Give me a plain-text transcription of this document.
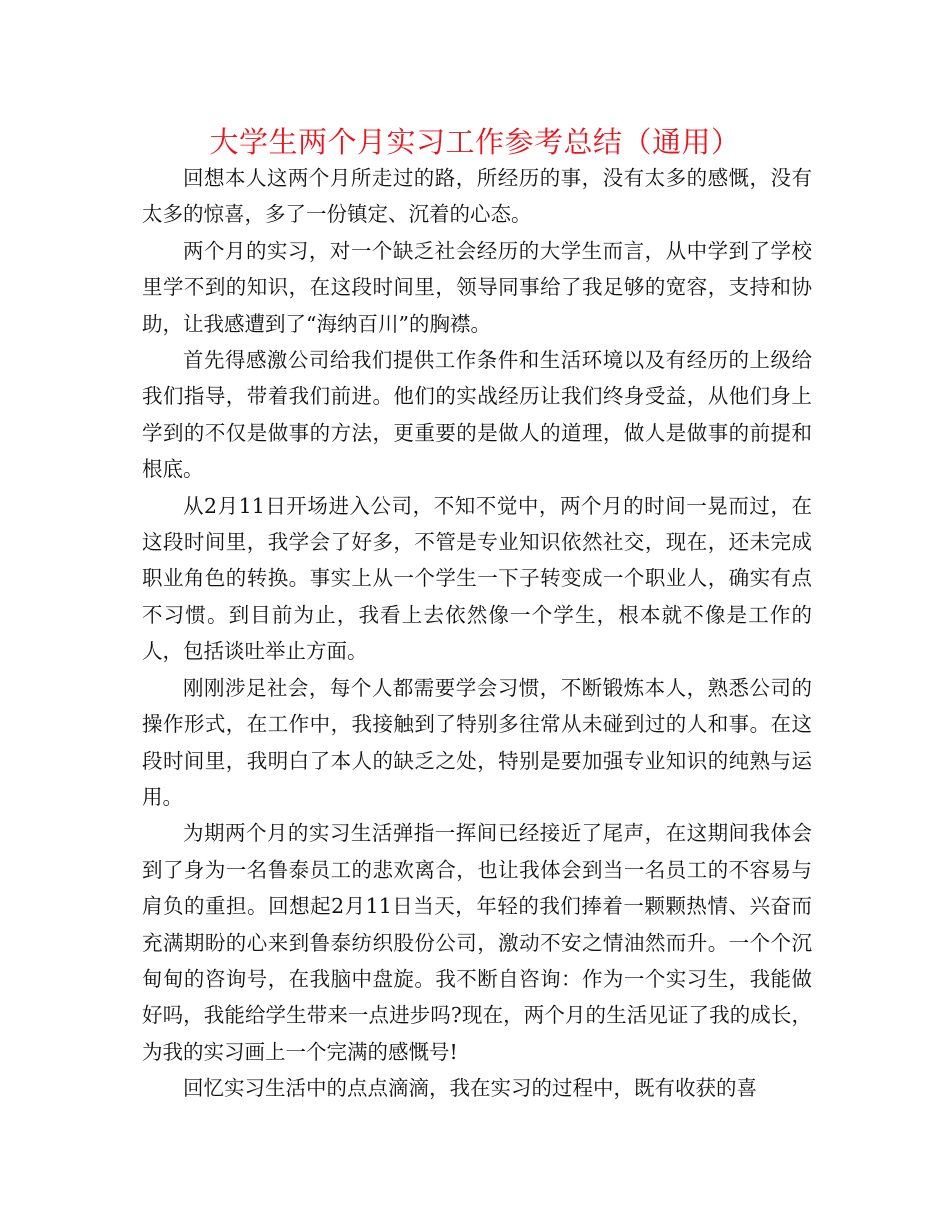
大学生两个月实习工作参考总结（通用）

回想本人这两个月所走过的路，所经历的事，没有太多的感慨，没有太多的惊喜，多了一份镇定、沉着的心态。

两个月的实习，对一个缺乏社会经历的大学生而言，从中学到了学校里学不到的知识，在这段时间里，领导同事给了我足够的宽容，支持和协助，让我感遭到了“海纳百川”的胸襟。

首先得感激公司给我们提供工作条件和生活环境以及有经历的上级给我们指导，带着我们前进。他们的实战经历让我们终身受益，从他们身上学到的不仅是做事的方法，更重要的是做人的道理，做人是做事的前提和根底。

从2月11日开场进入公司，不知不觉中，两个月的时间一晃而过，在这段时间里，我学会了好多，不管是专业知识依然社交，现在，还未完成职业角色的转换。事实上从一个学生一下子转变成一个职业人，确实有点不习惯。到目前为止，我看上去依然像一个学生，根本就不像是工作的人，包括谈吐举止方面。

刚刚涉足社会，每个人都需要学会习惯，不断锻炼本人，熟悉公司的操作形式，在工作中，我接触到了特别多往常从未碰到过的人和事。在这段时间里，我明白了本人的缺乏之处，特别是要加强专业知识的纯熟与运用。

为期两个月的实习生活弹指一挥间已经接近了尾声，在这期间我体会到了身为一名鲁泰员工的悲欢离合，也让我体会到当一名员工的不容易与肩负的重担。回想起2月11日当天，年轻的我们捧着一颗颗热情、兴奋而充满期盼的心来到鲁泰纺织股份公司，激动不安之情油然而升。一个个沉甸甸的咨询号，在我脑中盘旋。我不断自咨询：作为一个实习生，我能做好吗，我能给学生带来一点进步吗?现在，两个月的生活见证了我的成长，为我的实习画上一个完满的感慨号!

回忆实习生活中的点点滴滴，我在实习的过程中，既有收获的喜
